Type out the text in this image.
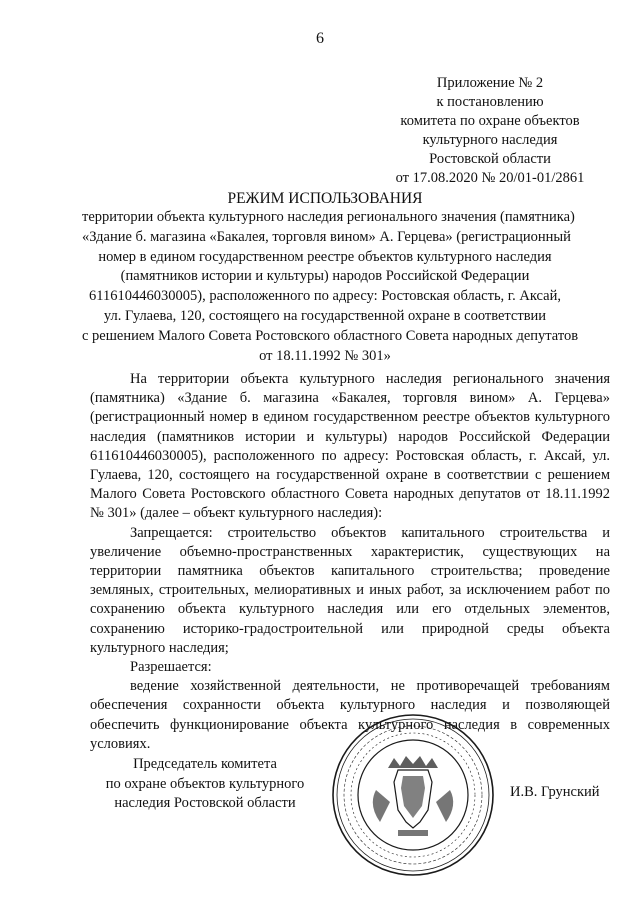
6
Приложение № 2
к постановлению
комитета по охране объектов
культурного наследия
Ростовской области
от 17.08.2020 № 20/01-01/2861
РЕЖИМ ИСПОЛЬЗОВАНИЯ
территории объекта культурного наследия регионального значения (памятника)
«Здание б. магазина «Бакалея, торговля вином» А. Герцева» (регистрационный
номер в едином государственном реестре объектов культурного наследия
(памятников истории и культуры) народов Российской Федерации
611610446030005), расположенного по адресу: Ростовская область, г. Аксай,
ул. Гулаева, 120, состоящего на государственной охране в соответствии
с решением Малого Совета Ростовского областного Совета народных депутатов
от 18.11.1992 № 301»

На территории объекта культурного наследия регионального значения (памятника) «Здание б. магазина «Бакалея, торговля вином» А. Герцева» (регистрационный номер в едином государственном реестре объектов культурного наследия (памятников истории и культуры) народов Российской Федерации 611610446030005), расположенного по адресу: Ростовская область, г. Аксай, ул. Гулаева, 120, состоящего на государственной охране в соответствии с решением Малого Совета Ростовского областного Совета народных депутатов от 18.11.1992 № 301» (далее – объект культурного наследия):

Запрещается: строительство объектов капитального строительства и увеличение объемно-пространственных характеристик, существующих на территории памятника объектов капитального строительства; проведение земляных, строительных, мелиоративных и иных работ, за исключением работ по сохранению объекта культурного наследия или его отдельных элементов, сохранению историко-градостроительной или природной среды объекта культурного наследия;

Разрешается:

ведение хозяйственной деятельности, не противоречащей требованиям обеспечения сохранности объекта культурного наследия и позволяющей обеспечить функционирование объекта культурного наследия в современных условиях.

Председатель комитета
по охране объектов культурного
наследия Ростовской области
И.В. Грунский
